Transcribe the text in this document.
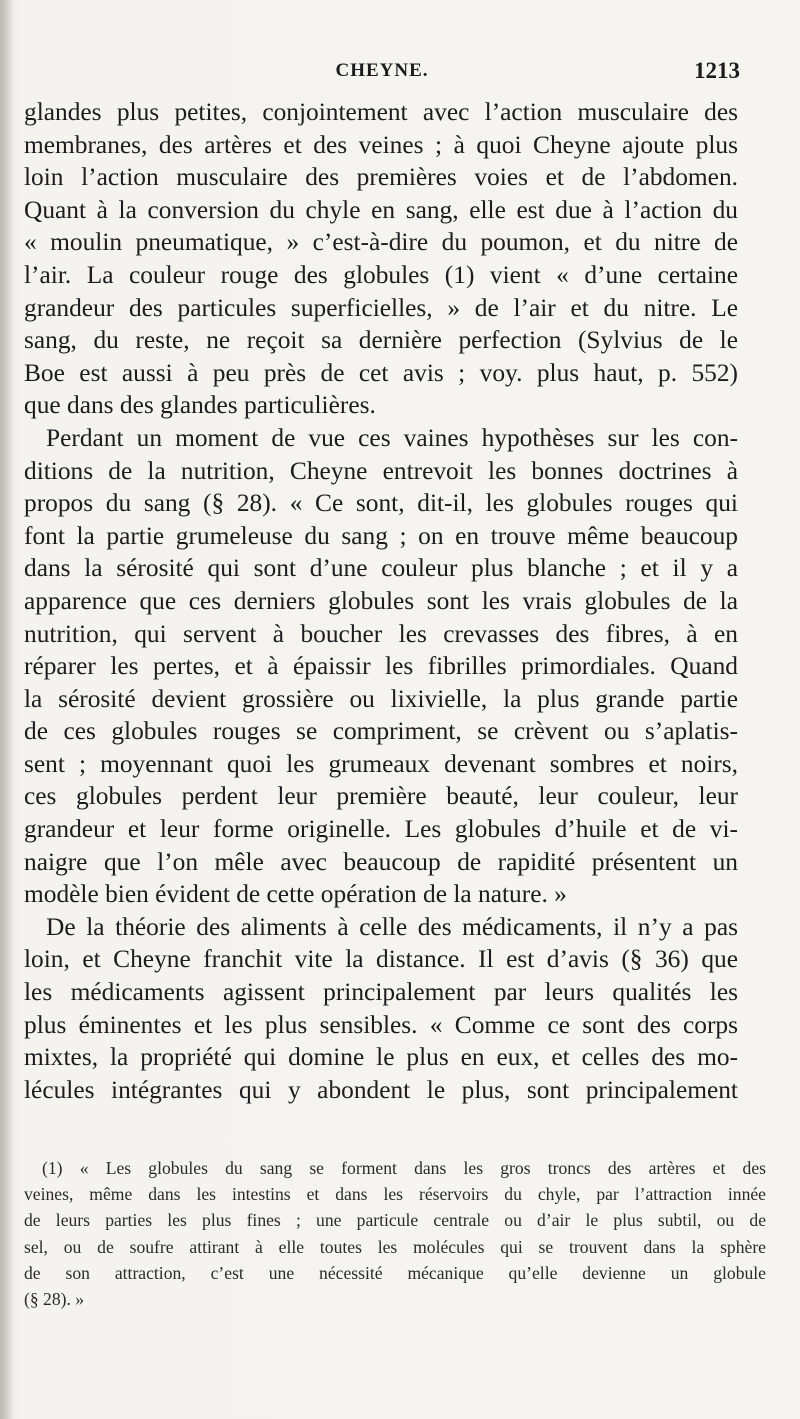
CHEYNE.	1213
glandes plus petites, conjointement avec l’action musculaire des
membranes, des artères et des veines ; à quoi Cheyne ajoute plus
loin l’action musculaire des premières voies et de l’abdomen.
Quant à la conversion du chyle en sang, elle est due à l’action du
« moulin pneumatique, » c’est-à-dire du poumon, et du nitre de
l’air. La couleur rouge des globules (1) vient « d’une certaine
grandeur des particules superficielles, » de l’air et du nitre. Le
sang, du reste, ne reçoit sa dernière perfection (Sylvius de le
Boe est aussi à peu près de cet avis ; voy. plus haut, p. 552)
que dans des glandes particulières.
Perdant un moment de vue ces vaines hypothèses sur les con-
ditions de la nutrition, Cheyne entrevoit les bonnes doctrines à
propos du sang (§ 28). « Ce sont, dit-il, les globules rouges qui
font la partie grumeleuse du sang ; on en trouve même beaucoup
dans la sérosité qui sont d’une couleur plus blanche ; et il y a
apparence que ces derniers globules sont les vrais globules de la
nutrition, qui servent à boucher les crevasses des fibres, à en
réparer les pertes, et à épaissir les fibrilles primordiales. Quand
la sérosité devient grossière ou lixivielle, la plus grande partie
de ces globules rouges se compriment, se crèvent ou s’aplatis-
sent ; moyennant quoi les grumeaux devenant sombres et noirs,
ces globules perdent leur première beauté, leur couleur, leur
grandeur et leur forme originelle. Les globules d’huile et de vi-
naigre que l’on mêle avec beaucoup de rapidité présentent un
modèle bien évident de cette opération de la nature. »
De la théorie des aliments à celle des médicaments, il n’y a pas
loin, et Cheyne franchit vite la distance. Il est d’avis (§ 36) que
les médicaments agissent principalement par leurs qualités les
plus éminentes et les plus sensibles. « Comme ce sont des corps
mixtes, la propriété qui domine le plus en eux, et celles des mo-
lécules intégrantes qui y abondent le plus, sont principalement
(1) « Les globules du sang se forment dans les gros troncs des artères et des
veines, même dans les intestins et dans les réservoirs du chyle, par l’attraction innée
de leurs parties les plus fines ; une particule centrale ou d’air le plus subtil, ou de
sel, ou de soufre attirant à elle toutes les molécules qui se trouvent dans la sphère
de son attraction, c’est une nécessité mécanique qu’elle devienne un globule
(§ 28). »
